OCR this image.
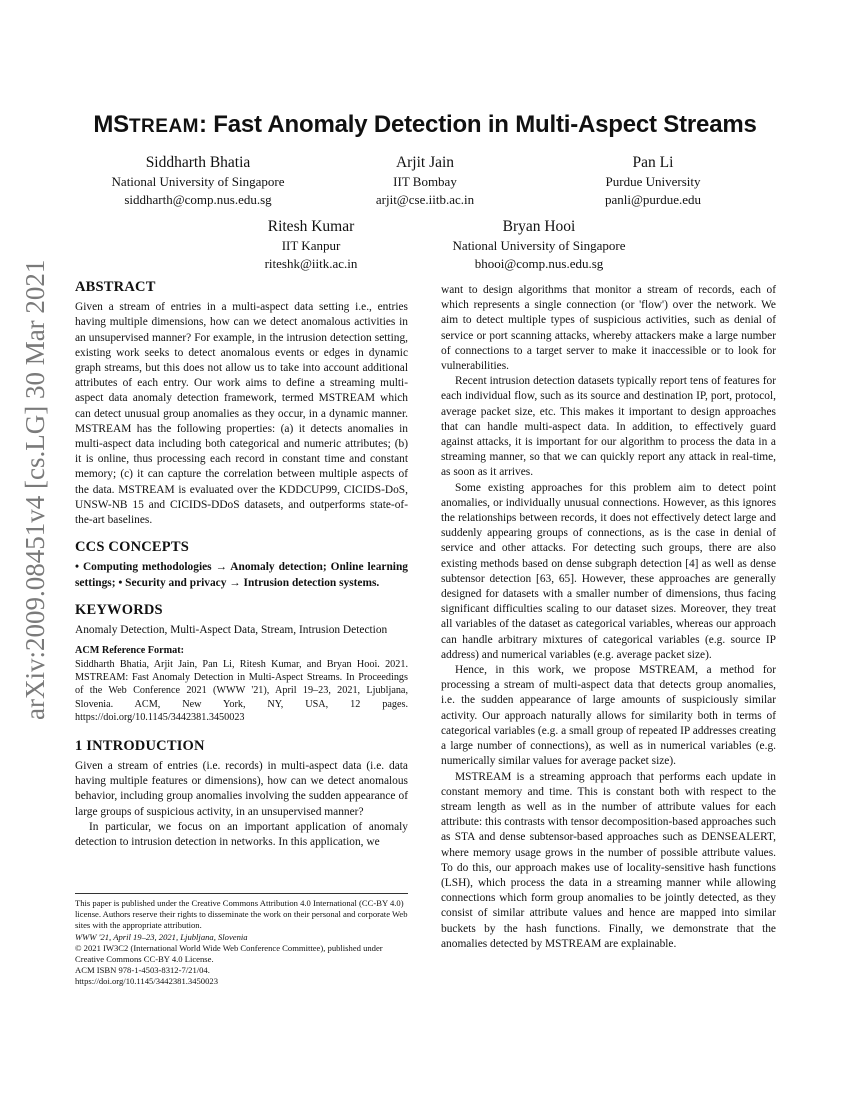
MSTREAM: Fast Anomaly Detection in Multi-Aspect Streams
Siddharth Bhatia
National University of Singapore
siddharth@comp.nus.edu.sg
Arjit Jain
IIT Bombay
arjit@cse.iitb.ac.in
Pan Li
Purdue University
panli@purdue.edu
Ritesh Kumar
IIT Kanpur
riteshk@iitk.ac.in
Bryan Hooi
National University of Singapore
bhooi@comp.nus.edu.sg
arXiv:2009.08451v4 [cs.LG] 30 Mar 2021	ABSTRACT

Given a stream of entries in a multi-aspect data setting i.e., entries having multiple dimensions, how can we detect anomalous activities in an unsupervised manner? For example, in the intrusion detection setting, existing work seeks to detect anomalous events or edges in dynamic graph streams, but this does not allow us to take into account additional attributes of each entry. Our work aims to define a streaming multi-aspect data anomaly detection framework, termed MSTREAM which can detect unusual group anomalies as they occur, in a dynamic manner. MSTREAM has the following properties: (a) it detects anomalies in multi-aspect data including both categorical and numeric attributes; (b) it is online, thus processing each record in constant time and constant memory; (c) it can capture the correlation between multiple aspects of the data. MSTREAM is evaluated over the KDDCUP99, CICIDS-DoS, UNSW-NB 15 and CICIDS-DDoS datasets, and outperforms state-of-the-art baselines.

CCS CONCEPTS

• Computing methodologies → Anomaly detection; Online learning settings; • Security and privacy → Intrusion detection systems.

KEYWORDS

Anomaly Detection, Multi-Aspect Data, Stream, Intrusion Detection

ACM Reference Format:

Siddharth Bhatia, Arjit Jain, Pan Li, Ritesh Kumar, and Bryan Hooi. 2021. MSTREAM: Fast Anomaly Detection in Multi-Aspect Streams. In Proceedings of the Web Conference 2021 (WWW '21), April 19–23, 2021, Ljubljana, Slovenia. ACM, New York, NY, USA, 12 pages. https://doi.org/10.1145/3442381.3450023

1 INTRODUCTION

Given a stream of entries (i.e. records) in multi-aspect data (i.e. data having multiple features or dimensions), how can we detect anomalous behavior, including group anomalies involving the sudden appearance of large groups of suspicious activity, in an unsupervised manner?

In particular, we focus on an important application of anomaly detection to intrusion detection in networks. In this application, we

This paper is published under the Creative Commons Attribution 4.0 International (CC-BY 4.0) license. Authors reserve their rights to disseminate the work on their personal and corporate Web sites with the appropriate attribution.

WWW '21, April 19–23, 2021, Ljubljana, Slovenia

© 2021 IW3C2 (International World Wide Web Conference Committee), published under Creative Commons CC-BY 4.0 License.

ACM ISBN 978-1-4503-8312-7/21/04.

https://doi.org/10.1145/3442381.3450023

want to design algorithms that monitor a stream of records, each of which represents a single connection (or 'flow') over the network. We aim to detect multiple types of suspicious activities, such as denial of service or port scanning attacks, whereby attackers make a large number of connections to a target server to make it inaccessible or to look for vulnerabilities.

Recent intrusion detection datasets typically report tens of features for each individual flow, such as its source and destination IP, port, protocol, average packet size, etc. This makes it important to design approaches that can handle multi-aspect data. In addition, to effectively guard against attacks, it is important for our algorithm to process the data in a streaming manner, so that we can quickly report any attack in real-time, as soon as it arrives.

Some existing approaches for this problem aim to detect point anomalies, or individually unusual connections. However, as this ignores the relationships between records, it does not effectively detect large and suddenly appearing groups of connections, as is the case in denial of service and other attacks. For detecting such groups, there are also existing methods based on dense subgraph detection [4] as well as dense subtensor detection [63, 65]. However, these approaches are generally designed for datasets with a smaller number of dimensions, thus facing significant difficulties scaling to our dataset sizes. Moreover, they treat all variables of the dataset as categorical variables, whereas our approach can handle arbitrary mixtures of categorical variables (e.g. source IP address) and numerical variables (e.g. average packet size).

Hence, in this work, we propose MSTREAM, a method for processing a stream of multi-aspect data that detects group anomalies, i.e. the sudden appearance of large amounts of suspiciously similar activity. Our approach naturally allows for similarity both in terms of categorical variables (e.g. a small group of repeated IP addresses creating a large number of connections), as well as in numerical variables (e.g. numerically similar values for average packet size).

MSTREAM is a streaming approach that performs each update in constant memory and time. This is constant both with respect to the stream length as well as in the number of attribute values for each attribute: this contrasts with tensor decomposition-based approaches such as STA and dense subtensor-based approaches such as DENSEALERT, where memory usage grows in the number of possible attribute values. To do this, our approach makes use of locality-sensitive hash functions (LSH), which process the data in a streaming manner while allowing connections which form group anomalies to be jointly detected, as they consist of similar attribute values and hence are mapped into similar buckets by the hash functions. Finally, we demonstrate that the anomalies detected by MSTREAM are explainable.
